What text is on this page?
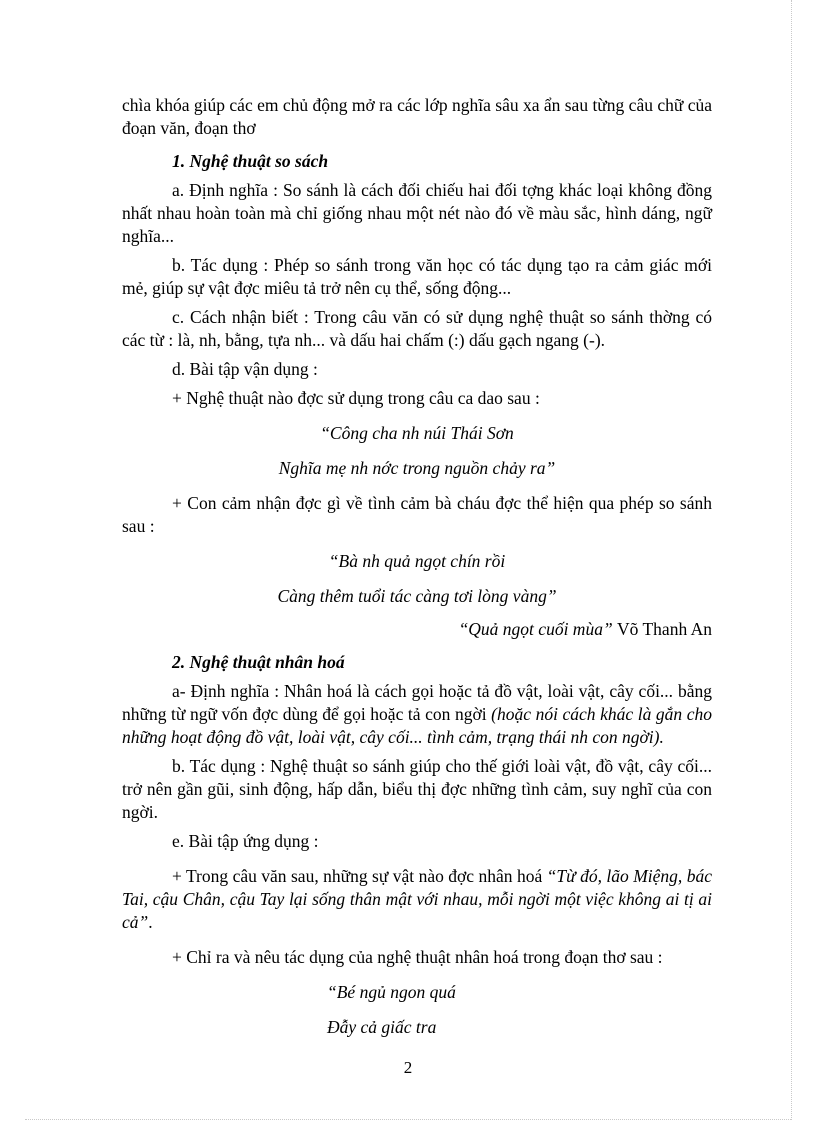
chìa khóa giúp các em chủ động mở ra các lớp nghĩa sâu xa ẩn sau từng câu chữ của đoạn văn, đoạn thơ

1. Nghệ thuật so sách

a. Định nghĩa : So sánh là cách đối chiếu hai đối tợng khác loại không đồng nhất nhau hoàn toàn mà chỉ giống nhau một nét nào đó về màu sắc, hình dáng, ngữ nghĩa...

b. Tác dụng : Phép so sánh trong văn học có tác dụng tạo ra cảm giác mới mẻ, giúp sự vật đợc miêu tả trở nên cụ thể, sống động...

c. Cách nhận biết : Trong câu văn có sử dụng nghệ thuật so sánh thờng có các từ : là, nh, bằng, tựa nh... và dấu hai chấm (:) dấu gạch ngang (-).

d. Bài tập vận dụng :

+ Nghệ thuật nào đợc sử dụng trong câu ca dao sau :

“Công cha nh núi Thái Sơn

Nghĩa mẹ nh nớc trong nguồn chảy ra”

+ Con cảm nhận đợc gì về tình cảm bà cháu đợc thể hiện qua phép so sánh sau :

“Bà nh quả ngọt chín rồi

Càng thêm tuổi tác càng tơi lòng vàng”

“Quả ngọt cuối mùa” Võ Thanh An

2. Nghệ thuật nhân hoá

a- Định nghĩa : Nhân hoá là cách gọi hoặc tả đồ vật, loài vật, cây cối... bằng những từ ngữ vốn đợc dùng để gọi hoặc tả con ngời (hoặc nói cách khác là gắn cho những hoạt động đồ vật, loài vật, cây cối... tình cảm, trạng thái nh con ngời).

b. Tác dụng : Nghệ thuật so sánh giúp cho thế giới loài vật, đồ vật, cây cối... trở nên gần gũi, sinh động, hấp dẫn, biểu thị đợc những tình cảm, suy nghĩ của con ngời.

e. Bài tập ứng dụng :

+ Trong câu văn sau, những sự vật nào đợc nhân hoá “Từ đó, lão Miệng, bác Tai, cậu Chân, cậu Tay lại sống thân mật với nhau, mỗi ngời một việc không ai tị ai cả”.

+ Chỉ ra và nêu tác dụng của nghệ thuật nhân hoá trong đoạn thơ sau :

“Bé ngủ ngon quá

Đẫy cả giấc tra

2
